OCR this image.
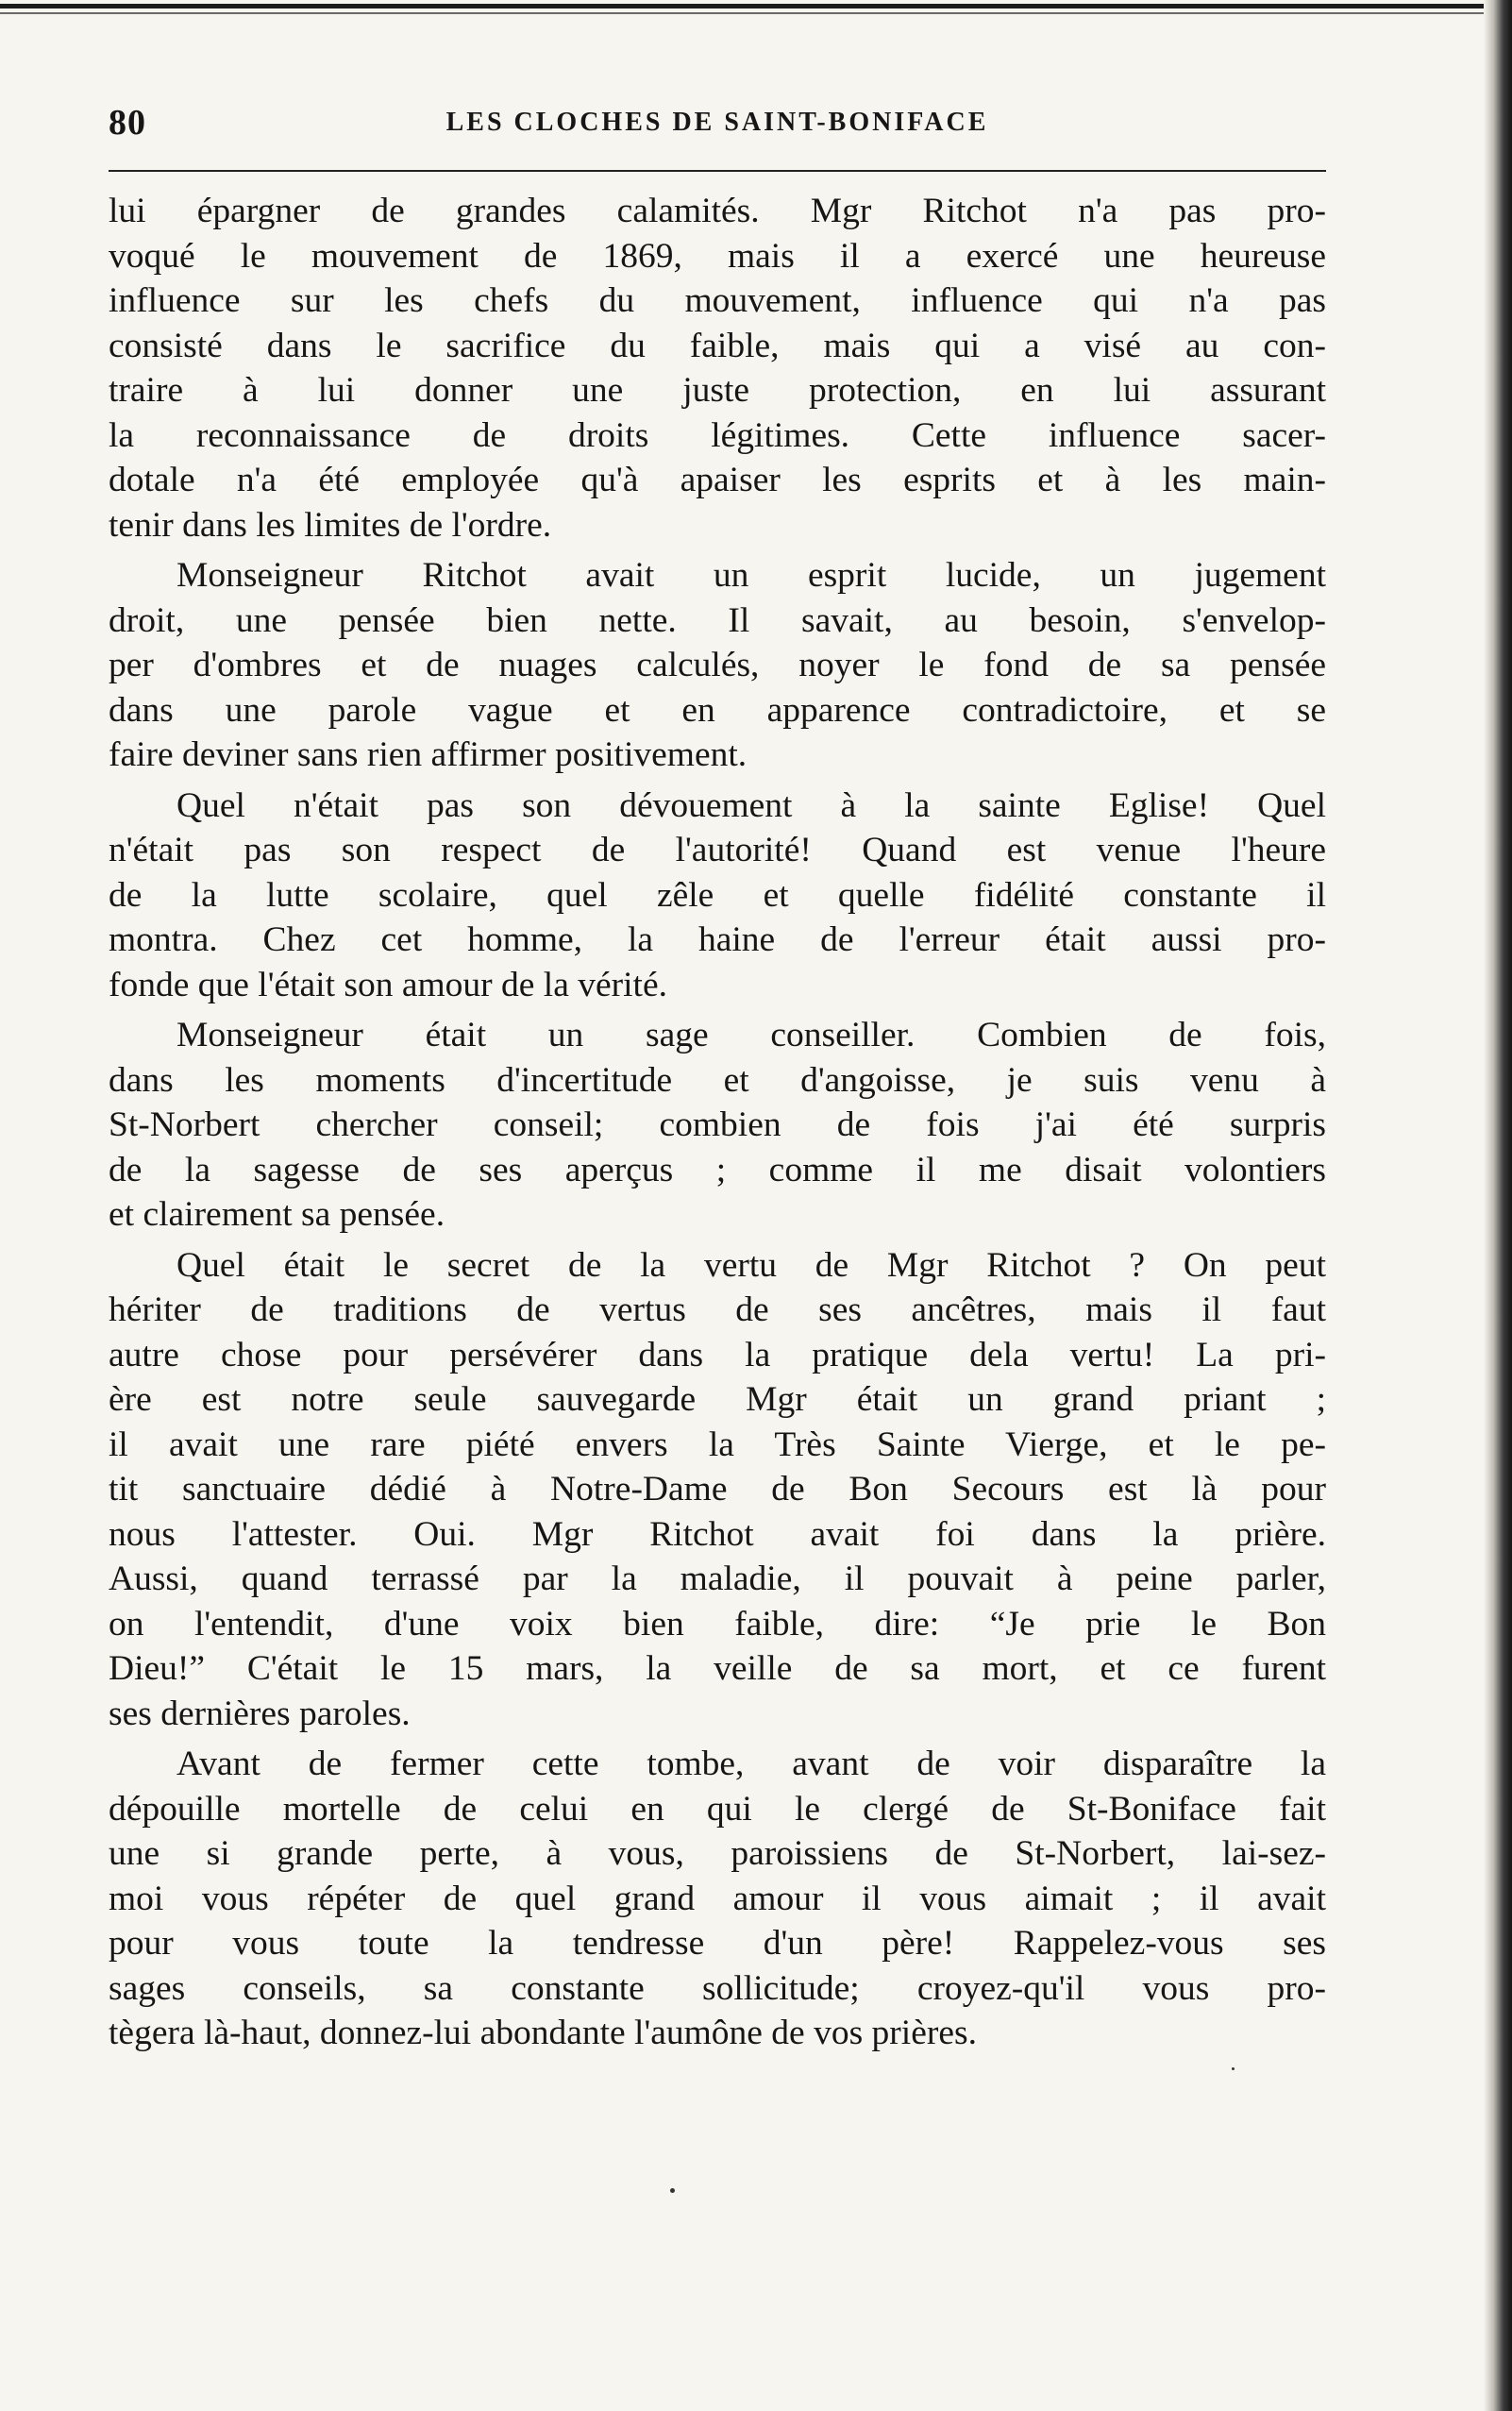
80	LES CLOCHES DE SAINT-BONIFACE
lui épargner de grandes calamités. Mgr Ritchot n'a pas pro-
voqué le mouvement de 1869, mais il a exercé une heureuse
influence sur les chefs du mouvement, influence qui n'a pas
consisté dans le sacrifice du faible, mais qui a visé au con-
traire à lui donner une juste protection, en lui assurant
la reconnaissance de droits légitimes. Cette influence sacer-
dotale n'a été employée qu'à apaiser les esprits et à les main-
tenir dans les limites de l'ordre.
Monseigneur Ritchot avait un esprit lucide, un jugement
droit, une pensée bien nette. Il savait, au besoin, s'envelop-
per d'ombres et de nuages calculés, noyer le fond de sa pensée
dans une parole vague et en apparence contradictoire, et se
faire deviner sans rien affirmer positivement.
Quel n'était pas son dévouement à la sainte Eglise! Quel
n'était pas son respect de l'autorité! Quand est venue l'heure
de la lutte scolaire, quel zêle et quelle fidélité constante il
montra. Chez cet homme, la haine de l'erreur était aussi pro-
fonde que l'était son amour de la vérité.
Monseigneur était un sage conseiller. Combien de fois,
dans les moments d'incertitude et d'angoisse, je suis venu à
St-Norbert chercher conseil; combien de fois j'ai été surpris
de la sagesse de ses aperçus ; comme il me disait volontiers
et clairement sa pensée.
Quel était le secret de la vertu de Mgr Ritchot ? On peut
hériter de traditions de vertus de ses ancêtres, mais il faut
autre chose pour persévérer dans la pratique dela vertu! La pri-
ère est notre seule sauvegarde Mgr était un grand priant ;
il avait une rare piété envers la Très Sainte Vierge, et le pe-
tit sanctuaire dédié à Notre-Dame de Bon Secours est là pour
nous l'attester. Oui. Mgr Ritchot avait foi dans la prière.
Aussi, quand terrassé par la maladie, il pouvait à peine parler,
on l'entendit, d'une voix bien faible, dire: “Je prie le Bon
Dieu!” C'était le 15 mars, la veille de sa mort, et ce furent
ses dernières paroles.
Avant de fermer cette tombe, avant de voir disparaître la
dépouille mortelle de celui en qui le clergé de St-Boniface fait
une si grande perte, à vous, paroissiens de St-Norbert, lai-sez-
moi vous répéter de quel grand amour il vous aimait ; il avait
pour vous toute la tendresse d'un père! Rappelez-vous ses
sages conseils, sa constante sollicitude; croyez-qu'il vous pro-
tègera là-haut, donnez-lui abondante l'aumône de vos prières.
